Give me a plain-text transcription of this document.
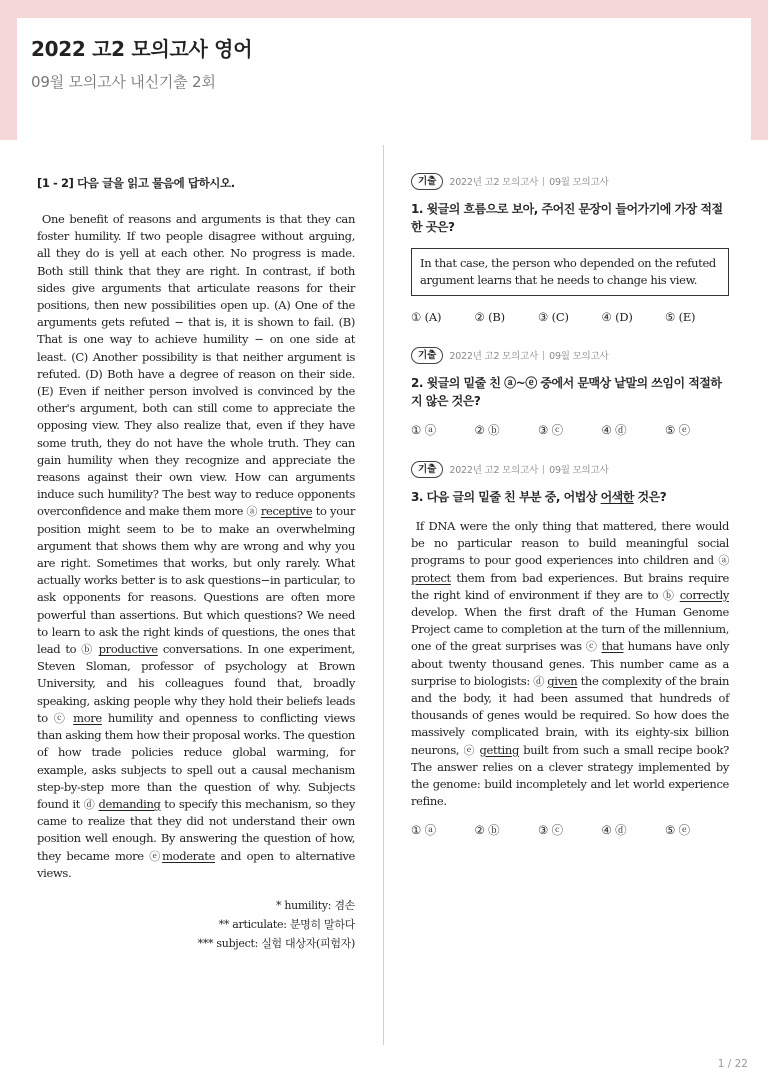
2022 고2 모의고사 영어
09월 모의고사 내신기출 2회
[1 - 2] 다음 글을 읽고 물음에 답하시오.

One benefit of reasons and arguments is that they can foster humility. If two people disagree without arguing, all they do is yell at each other. No progress is made. Both still think that they are right. In contrast, if both sides give arguments that articulate reasons for their positions, then new possibilities open up. (A) One of the arguments gets refuted − that is, it is shown to fail. (B) That is one way to achieve humility − on one side at least. (C) Another possibility is that neither argument is refuted. (D) Both have a degree of reason on their side. (E) Even if neither person involved is convinced by the other's argument, both can still come to appreciate the opposing view. They also realize that, even if they have some truth, they do not have the whole truth. They can gain humility when they recognize and appreciate the reasons against their own view. How can arguments induce such humility? The best way to reduce opponents overconfidence and make them more ⓐ receptive to your position might seem to be to make an overwhelming argument that shows them why are wrong and why you are right. Sometimes that works, but only rarely. What actually works better is to ask questions−in particular, to ask opponents for reasons. Questions are often more powerful than assertions. But which questions? We need to learn to ask the right kinds of questions, the ones that lead to ⓑ productive conversations. In one experiment, Steven Sloman, professor of psychology at Brown University, and his colleagues found that, broadly speaking, asking people why they hold their beliefs leads to ⓒ more humility and openness to conflicting views than asking them how their proposal works. The question of how trade policies reduce global warming, for example, asks subjects to spell out a causal mechanism step-by-step more than the question of why. Subjects found it ⓓ demanding to specify this mechanism, so they came to realize that they did not understand their own position well enough. By answering the question of how, they became more ⓔmoderate and open to alternative views.

* humility: 겸손
** articulate: 분명히 말하다
*** subject: 실험 대상자(피험자)
기출	2022년 고2 모의고사 09월 모의고사
1. 윗글의 흐름으로 보아, 주어진 문장이 들어가기에 가장 적절한 곳은?
In that case, the person who depended on the refuted argument learns that he needs to change his view.
① (A)	② (B)	③ (C)	④ (D)	⑤ (E)
기출	2022년 고2 모의고사 09월 모의고사
2. 윗글의 밑줄 친 ⓐ~ⓔ 중에서 문맥상 낱말의 쓰임이 적절하지 않은 것은?
① ⓐ	② ⓑ	③ ⓒ	④ ⓓ	⑤ ⓔ
기출	2022년 고2 모의고사 09월 모의고사
3. 다음 글의 밑줄 친 부분 중, 어법상 어색한 것은?

If DNA were the only thing that mattered, there would be no particular reason to build meaningful social programs to pour good experiences into children and ⓐ protect them from bad experiences. But brains require the right kind of environment if they are to ⓑ correctly develop. When the first draft of the Human Genome Project came to completion at the turn of the millennium, one of the great surprises was ⓒ that humans have only about twenty thousand genes. This number came as a surprise to biologists: ⓓ given the complexity of the brain and the body, it had been assumed that hundreds of thousands of genes would be required. So how does the massively complicated brain, with its eighty-six billion neurons, ⓔ getting built from such a small recipe book? The answer relies on a clever strategy implemented by the genome: build incompletely and let world experience refine.

① ⓐ	② ⓑ	③ ⓒ	④ ⓓ	⑤ ⓔ
1 / 22
